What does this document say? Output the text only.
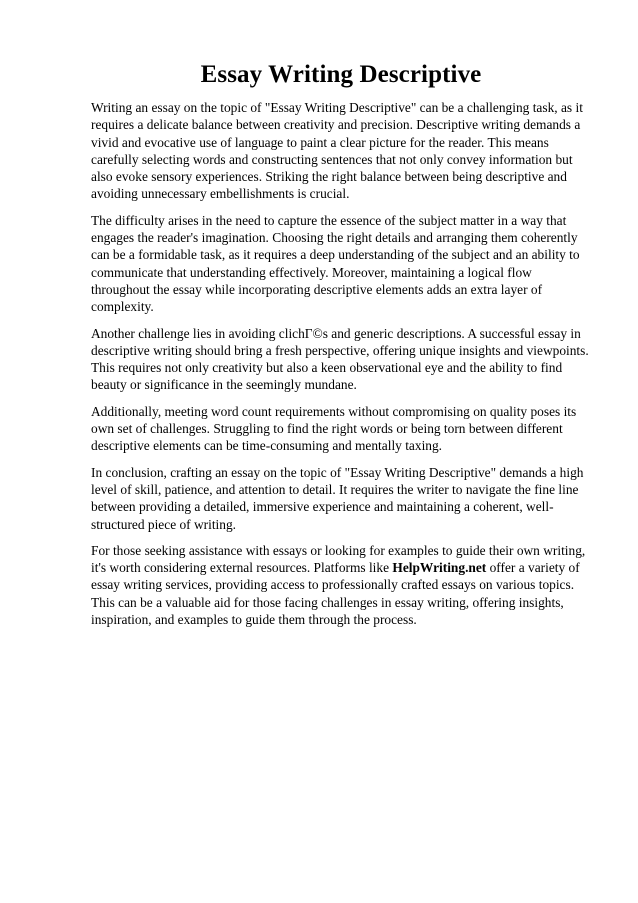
Essay Writing Descriptive

Writing an essay on the topic of "Essay Writing Descriptive" can be a challenging task, as it requires a delicate balance between creativity and precision. Descriptive writing demands a vivid and evocative use of language to paint a clear picture for the reader. This means carefully selecting words and constructing sentences that not only convey information but also evoke sensory experiences. Striking the right balance between being descriptive and avoiding unnecessary embellishments is crucial.

The difficulty arises in the need to capture the essence of the subject matter in a way that engages the reader's imagination. Choosing the right details and arranging them coherently can be a formidable task, as it requires a deep understanding of the subject and an ability to communicate that understanding effectively. Moreover, maintaining a logical flow throughout the essay while incorporating descriptive elements adds an extra layer of complexity.

Another challenge lies in avoiding clichГ©s and generic descriptions. A successful essay in descriptive writing should bring a fresh perspective, offering unique insights and viewpoints. This requires not only creativity but also a keen observational eye and the ability to find beauty or significance in the seemingly mundane.

Additionally, meeting word count requirements without compromising on quality poses its own set of challenges. Struggling to find the right words or being torn between different descriptive elements can be time-consuming and mentally taxing.

In conclusion, crafting an essay on the topic of "Essay Writing Descriptive" demands a high level of skill, patience, and attention to detail. It requires the writer to navigate the fine line between providing a detailed, immersive experience and maintaining a coherent, well-structured piece of writing.

For those seeking assistance with essays or looking for examples to guide their own writing, it's worth considering external resources. Platforms like HelpWriting.net offer a variety of essay writing services, providing access to professionally crafted essays on various topics. This can be a valuable aid for those facing challenges in essay writing, offering insights, inspiration, and examples to guide them through the process.
